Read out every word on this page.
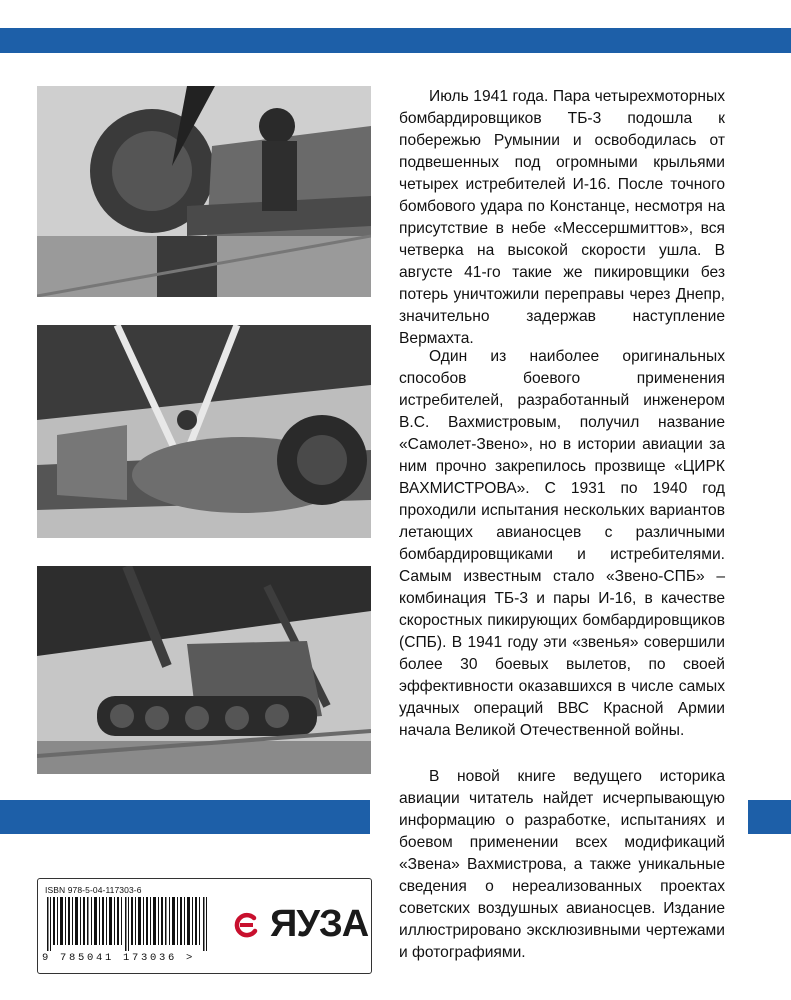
Июль 1941 года. Пара четырехмоторных бомбардировщиков ТБ-3 подошла к побережью Румынии и освободилась от подвешенных под огромными крыльями четырех истребителей И-16. После точного бомбового удара по Констанце, несмотря на присутствие в небе «Мессершмиттов», вся четверка на высокой скорости ушла. В августе 41-го такие же пикировщики без потерь уничтожили переправы через Днепр, значительно задержав наступление Вермахта.

Один из наиболее оригинальных способов боевого применения истребителей, разработанный инженером В.С. Вахмистровым, получил название «Самолет-Звено», но в истории авиации за ним прочно закрепилось прозвище «ЦИРК ВАХМИСТРОВА». С 1931 по 1940 год проходили испытания нескольких вариантов летающих авианосцев с различными бомбардировщиками и истребителями. Самым известным стало «Звено-СПБ» – комбинация ТБ-3 и пары И-16, в качестве скоростных пикирующих бомбардировщиков (СПБ). В 1941 году эти «звенья» совершили более 30 боевых вылетов, по своей эффективности оказавшихся в числе самых удачных операций ВВС Красной Армии начала Великой Отечественной войны.

В новой книге ведущего историка авиации читатель найдет исчерпывающую информацию о разработке, испытаниях и боевом применении всех модификаций «Звена» Вахмистрова, а также уникальные сведения о нереализованных проектах советских воздушных авианосцев. Издание иллюстрировано эксклюзивными чертежами и фотографиями.

ISBN 978-5-04-117303-6
9 785041 173036 >
ЯУЗА
